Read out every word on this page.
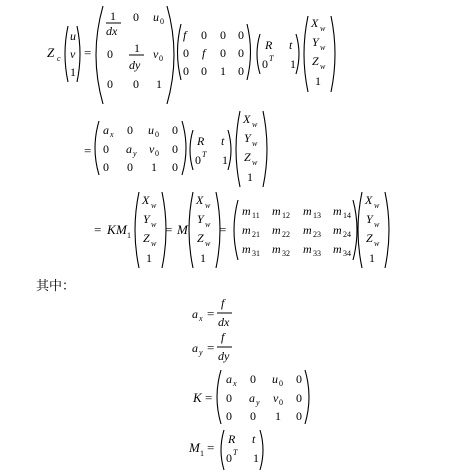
Z c
u
v
1
=
1
dx
0 u 0
0 1
dy
v 0
0 0 1
f 0 0 0
0 f 0 0
0 0 1 0
R t
0 T 1
X w
Y w
Z w
1
=
a x 0 u 0 0
0 a y v 0 0
0 0 1 0
R t
0 T 1
X w
Y w
Z w
1
= K M 1
X w
Y w
Z w
1
= M
X w
Y w
Z w
1
=
m 11 m 12 m 13 m 14
m 21 m 22 m 23 m 24
m 31 m 32 m 33 m 34
X w
Y w
Z w
1
其中：
a x =
f
dx
a y =
f
dy
K =
a x 0 u 0 0
0 a y v 0 0
0 0 1 0
M 1 =
R t
0 T 1
